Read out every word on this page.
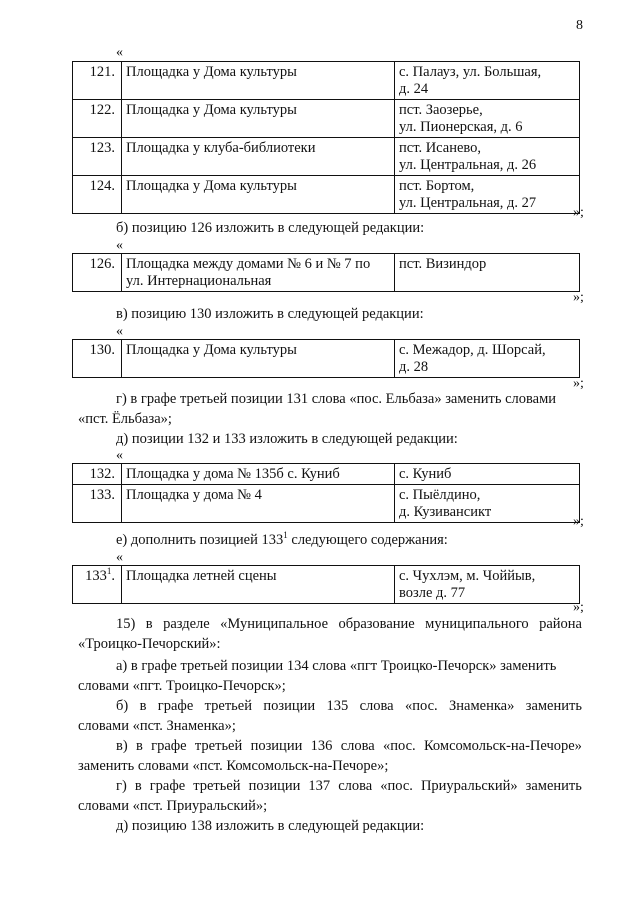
8
«
121.	Площадка у Дома культуры	с. Палауз, ул. Большая,
д. 24
122.	Площадка у Дома культуры	пст. Заозерье,
ул. Пионерская, д. 6
123.	Площадка у клуба-библиотеки	пст. Исанево,
ул. Центральная, д. 26
124.	Площадка у Дома культуры	пст. Бортом,
ул. Центральная, д. 27
»;
б) позицию 126 изложить в следующей редакции:
«
126.	Площадка между домами № 6 и № 7 по
ул. Интернациональная	пст. Визиндор
»;
в) позицию 130 изложить в следующей редакции:
«
130.	Площадка у Дома культуры	с. Межадор, д. Шорсай,
д. 28
»;
г) в графе третьей позиции 131 слова «пос. Ельбаза» заменить словами
«пст. Ёльбаза»;
д) позиции 132 и 133 изложить в следующей редакции:
«
132.	Площадка у дома № 135б с. Куниб	с. Куниб
133.	Площадка у дома № 4	с. Пыёлдино,
д. Кузивансикт
»;
е) дополнить позицией $133^1$ следующего содержания:
«
$133^1$.	Площадка летней сцены	с. Чухлэм, м. Чоййыв,
возле д. 77
»;
15) в разделе «Муниципальное образование муниципального района
«Троицко-Печорский»:
а) в графе третьей позиции 134 слова «пгт Троицко-Печорск» заменить
словами «пгт. Троицко-Печорск»;
б) в графе третьей позиции 135 слова «пос. Знаменка» заменить
словами «пст. Знаменка»;
в) в графе третьей позиции 136 слова «пос. Комсомольск-на-Печоре»
заменить словами «пст. Комсомольск-на-Печоре»;
г) в графе третьей позиции 137 слова «пос. Приуральский» заменить
словами «пст. Приуральский»;
д) позицию 138 изложить в следующей редакции:
